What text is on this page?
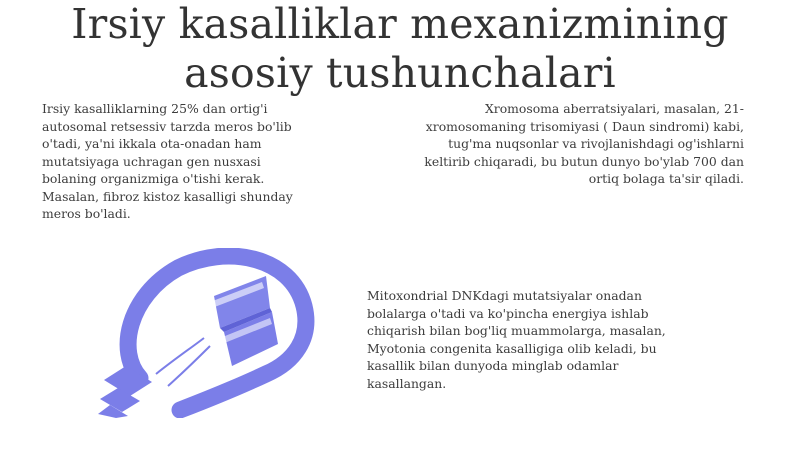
Irsiy kasalliklar mexanizmining
asosiy tushunchalari
Irsiy kasalliklarning 25% dan ortig'i
autosomal retsessiv tarzda meros bo'lib
o'tadi, ya'ni ikkala ota-onadan ham
mutatsiyaga uchragan gen nusxasi
bolaning organizmiga o'tishi kerak.
Masalan, fibroz kistoz kasalligi shunday
meros bo'ladi.
Xromosoma aberratsiyalari, masalan, 21-
xromosomaning trisomiyasi ( Daun sindromi) kabi,
tug'ma nuqsonlar va rivojlanishdagi og'ishlarni
keltirib chiqaradi, bu butun dunyo bo'ylab 700 dan
ortiq bolaga ta'sir qiladi.
Mitoxondrial DNKdagi mutatsiyalar onadan
bolalarga o'tadi va ko'pincha energiya ishlab
chiqarish bilan bog'liq muammolarga, masalan,
Myotonia congenita kasalligiga olib keladi, bu
kasallik bilan dunyoda minglab odamlar
kasallangan.
